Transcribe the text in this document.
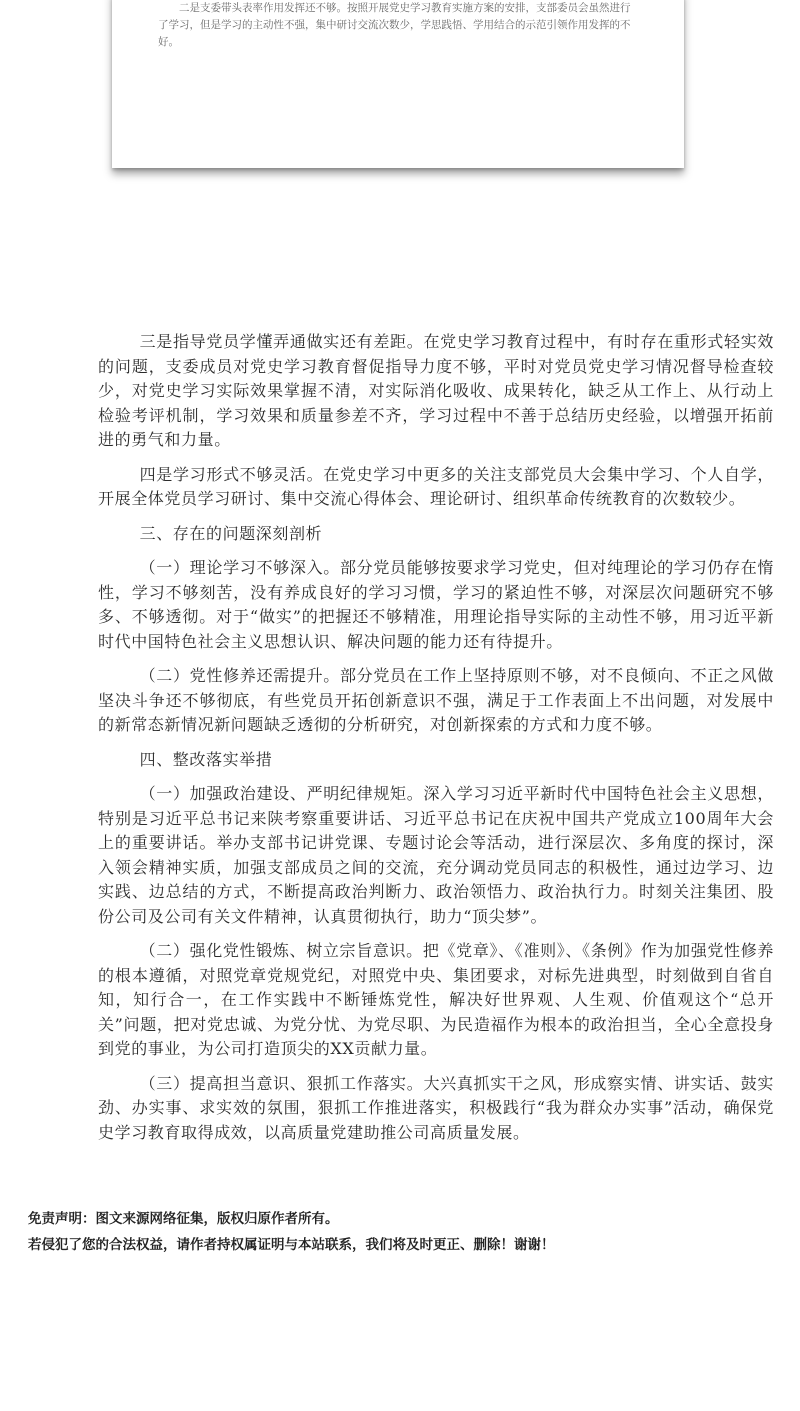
二是支委带头表率作用发挥还不够。按照开展党史学习教育实施方案的安排，支部委员会虽然进行了学习，但是学习的主动性不强，集中研讨交流次数少，学思践悟、学用结合的示范引领作用发挥的不好。

三是指导党员学懂弄通做实还有差距。在党史学习教育过程中，有时存在重形式轻实效的问题，支委成员对党史学习教育督促指导力度不够，平时对党员党史学习情况督导检查较少，对党史学习实际效果掌握不清，对实际消化吸收、成果转化，缺乏从工作上、从行动上检验考评机制，学习效果和质量参差不齐，学习过程中不善于总结历史经验，以增强开拓前进的勇气和力量。

四是学习形式不够灵活。在党史学习中更多的关注支部党员大会集中学习、个人自学，开展全体党员学习研讨、集中交流心得体会、理论研讨、组织革命传统教育的次数较少。

三、存在的问题深刻剖析

（一）理论学习不够深入。部分党员能够按要求学习党史，但对纯理论的学习仍存在惰性，学习不够刻苦，没有养成良好的学习习惯，学习的紧迫性不够，对深层次问题研究不够多、不够透彻。对于“做实”的把握还不够精准，用理论指导实际的主动性不够，用习近平新时代中国特色社会主义思想认识、解决问题的能力还有待提升。

（二）党性修养还需提升。部分党员在工作上坚持原则不够，对不良倾向、不正之风做坚决斗争还不够彻底，有些党员开拓创新意识不强，满足于工作表面上不出问题，对发展中的新常态新情况新问题缺乏透彻的分析研究，对创新探索的方式和力度不够。

四、整改落实举措

（一）加强政治建设、严明纪律规矩。深入学习习近平新时代中国特色社会主义思想，特别是习近平总书记来陕考察重要讲话、习近平总书记在庆祝中国共产党成立100周年大会上的重要讲话。举办支部书记讲党课、专题讨论会等活动，进行深层次、多角度的探讨，深入领会精神实质，加强支部成员之间的交流，充分调动党员同志的积极性，通过边学习、边实践、边总结的方式，不断提高政治判断力、政治领悟力、政治执行力。时刻关注集团、股份公司及公司有关文件精神，认真贯彻执行，助力“顶尖梦”。

（二）强化党性锻炼、树立宗旨意识。把《党章》、《准则》、《条例》作为加强党性修养的根本遵循，对照党章党规党纪，对照党中央、集团要求，对标先进典型，时刻做到自省自知，知行合一，在工作实践中不断锤炼党性，解决好世界观、人生观、价值观这个“总开关”问题，把对党忠诚、为党分忧、为党尽职、为民造福作为根本的政治担当，全心全意投身到党的事业，为公司打造顶尖的XX贡献力量。

（三）提高担当意识、狠抓工作落实。大兴真抓实干之风，形成察实情、讲实话、鼓实劲、办实事、求实效的氛围，狠抓工作推进落实，积极践行“我为群众办实事”活动，确保党史学习教育取得成效，以高质量党建助推公司高质量发展。

免责声明：图文来源网络征集，版权归原作者所有。
若侵犯了您的合法权益，请作者持权属证明与本站联系，我们将及时更正、删除！谢谢！
